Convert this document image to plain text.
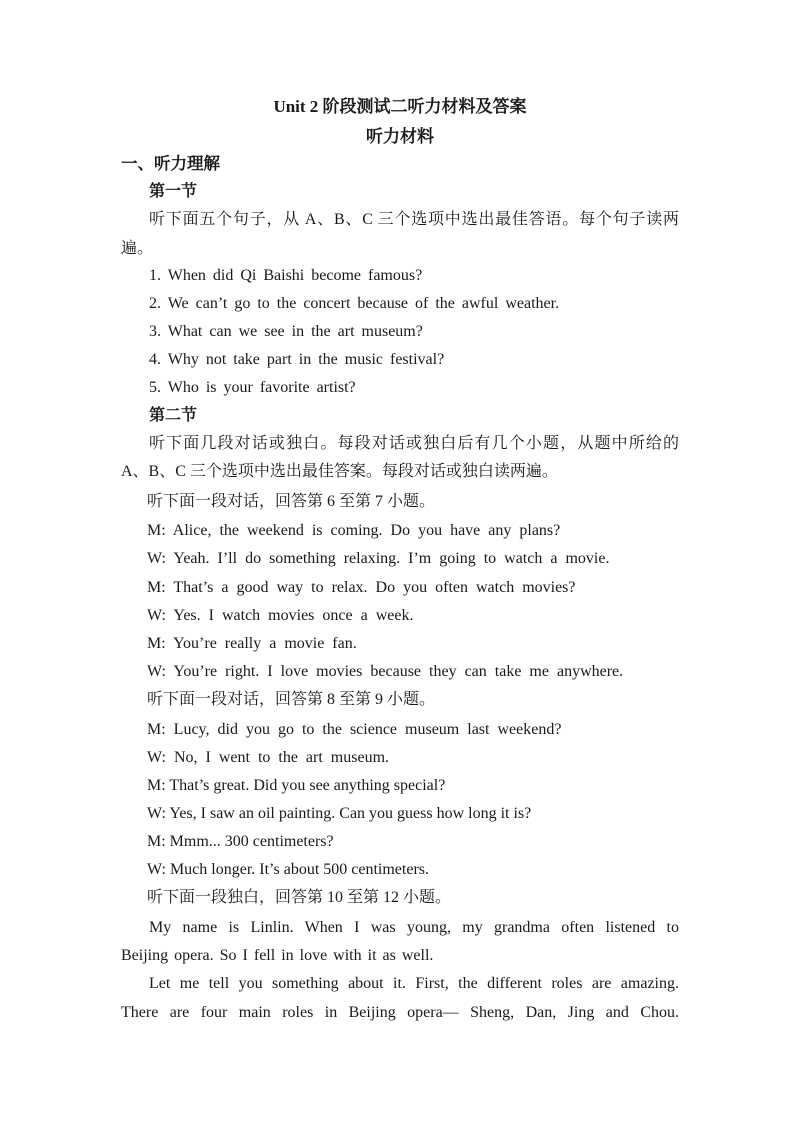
Unit 2 阶段测试二听力材料及答案
听力材料
一、听力理解
第一节
听下面五个句子，从 A、B、C 三个选项中选出最佳答语。每个句子读两
遍。
1. When did Qi Baishi become famous?
2. We can’t go to the concert because of the awful weather.
3. What can we see in the art museum?
4. Why not take part in the music festival?
5. Who is your favorite artist?
第二节
听下面几段对话或独白。每段对话或独白后有几个小题，从题中所给的
A、B、C 三个选项中选出最佳答案。每段对话或独白读两遍。
听下面一段对话，回答第 6 至第 7 小题。
M: Alice, the weekend is coming. Do you have any plans?
W: Yeah. I’ll do something relaxing. I’m going to watch a movie.
M: That’s a good way to relax. Do you often watch movies?
W: Yes. I watch movies once a week.
M: You’re really a movie fan.
W: You’re right. I love movies because they can take me anywhere.
听下面一段对话，回答第 8 至第 9 小题。
M: Lucy, did you go to the science museum last weekend?
W: No, I went to the art museum.
M: That’s great. Did you see anything special?
W: Yes, I saw an oil painting. Can you guess how long it is?
M: Mmm... 300 centimeters?
W: Much longer. It’s about 500 centimeters.
听下面一段独白，回答第 10 至第 12 小题。
My name is Linlin. When I was young, my grandma often listened to
Beijing opera. So I fell in love with it as well.
Let me tell you something about it. First, the different roles are amazing.
There are four main roles in Beijing opera— Sheng, Dan, Jing and Chou.
